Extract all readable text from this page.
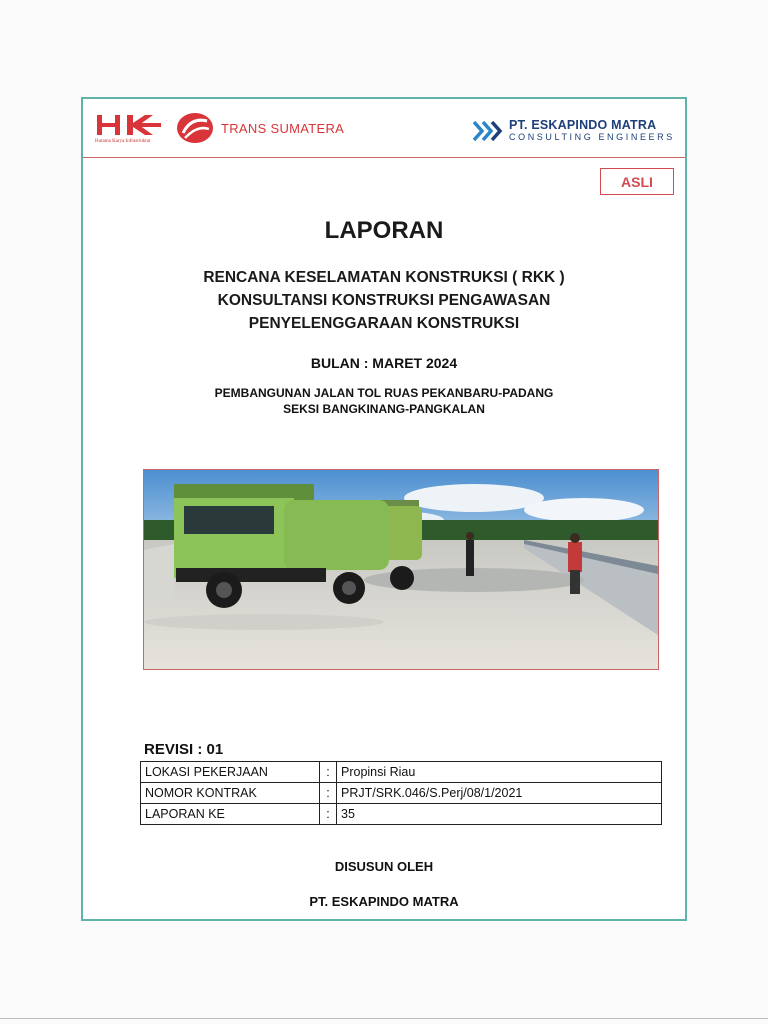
Hutama Karya Infrastruktur
TRANS SUMATERA	PT. ESKAPINDO MATRA
CONSULTING ENGINEERS
ASLI
LAPORAN
RENCANA KESELAMATAN KONSTRUKSI ( RKK )
KONSULTANSI KONSTRUKSI PENGAWASAN
PENYELENGGARAAN KONSTRUKSI
BULAN : MARET 2024
PEMBANGUNAN JALAN TOL RUAS PEKANBARU-PADANG
SEKSI BANGKINANG-PANGKALAN
REVISI : 01
LOKASI PEKERJAAN	:	Propinsi Riau
NOMOR KONTRAK	:	PRJT/SRK.046/S.Perj/08/1/2021
LAPORAN KE	:	35
DISUSUN OLEH
PT. ESKAPINDO MATRA
